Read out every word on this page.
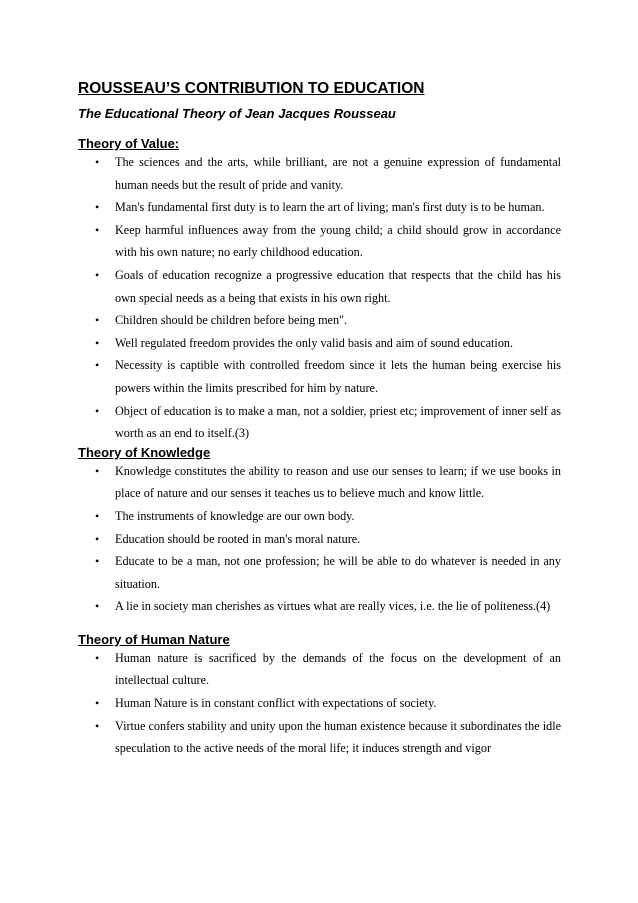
ROUSSEAU’S CONTRIBUTION TO EDUCATION

The Educational Theory of Jean Jacques Rousseau

Theory of Value:
• The sciences and the arts, while brilliant, are not a genuine expression of fundamental human needs but the result of pride and vanity.
• Man's fundamental first duty is to learn the art of living; man's first duty is to be human.
• Keep harmful influences away from the young child; a child should grow in accordance with his own nature; no early childhood education.
• Goals of education recognize a progressive education that respects that the child has his own special needs as a being that exists in his own right.
• Children should be children before being men".
• Well regulated freedom provides the only valid basis and aim of sound education.
• Necessity is captible with controlled freedom since it lets the human being exercise his powers within the limits prescribed for him by nature.
• Object of education is to make a man, not a soldier, priest etc; improvement of inner self as worth as an end to itself.(3)
Theory of Knowledge
• Knowledge constitutes the ability to reason and use our senses to learn; if we use books in place of nature and our senses it teaches us to believe much and know little.
• The instruments of knowledge are our own body.
• Education should be rooted in man's moral nature.
• Educate to be a man, not one profession; he will be able to do whatever is needed in any situation.
• A lie in society man cherishes as virtues what are really vices, i.e. the lie of politeness.(4)
Theory of Human Nature
• Human nature is sacrificed by the demands of the focus on the development of an intellectual culture.
• Human Nature is in constant conflict with expectations of society.
• Virtue confers stability and unity upon the human existence because it subordinates the idle speculation to the active needs of the moral life; it induces strength and vigor
